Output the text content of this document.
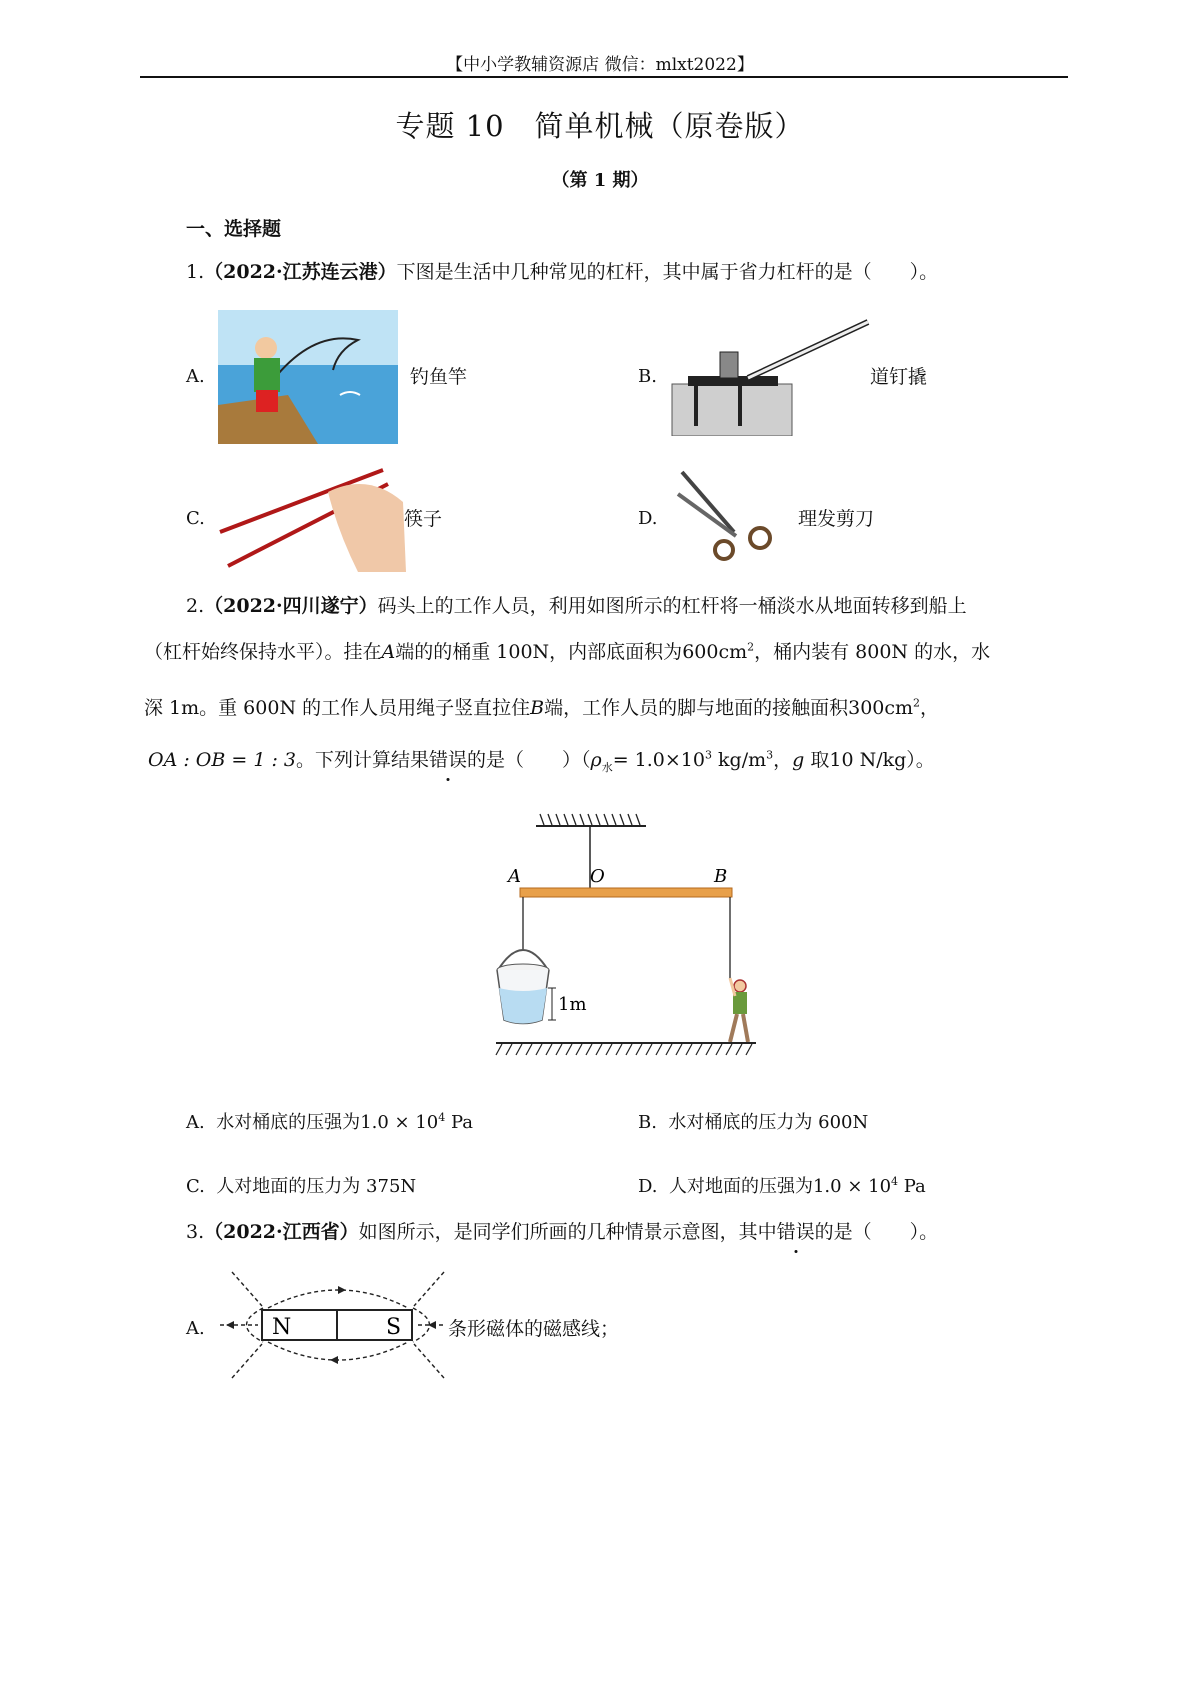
【中小学教辅资源店 微信：mlxt2022】
专题 10　简单机械（原卷版）
（第 1 期）
一、选择题
1.（2022·江苏连云港）下图是生活中几种常见的杠杆，其中属于省力杠杆的是（　　）。
A.	钓鱼竿	B.	道钉撬
C.	筷子	D.	理发剪刀
2.（2022·四川遂宁）码头上的工作人员，利用如图所示的杠杆将一桶淡水从地面转移到船上
（杠杆始终保持水平）。挂在A端的的桶重 100N，内部底面积为$600cm^2$，桶内装有 800N 的水，水
深 1m。重 600N 的工作人员用绳子竖直拉住B端，工作人员的脚与地面的接触面积$300cm^2$，
OA : OB = 1 : 3。下列计算结果错误的是（　　）（$\rho_水= 1.0\times 10^3$ $kg/m^3$，g 取10 N/kg）。
A	O	B
1m
A. 水对桶底的压强为$1.0 \times 10^4$ Pa	B. 水对桶底的压力为 600N
C. 人对地面的压力为 375N	D. 人对地面的压强为$1.0 \times 10^4$ Pa
3.（2022·江西省）如图所示，是同学们所画的几种情景示意图，其中错误的是（　　）。
A.	N	S 条形磁体的磁感线；
